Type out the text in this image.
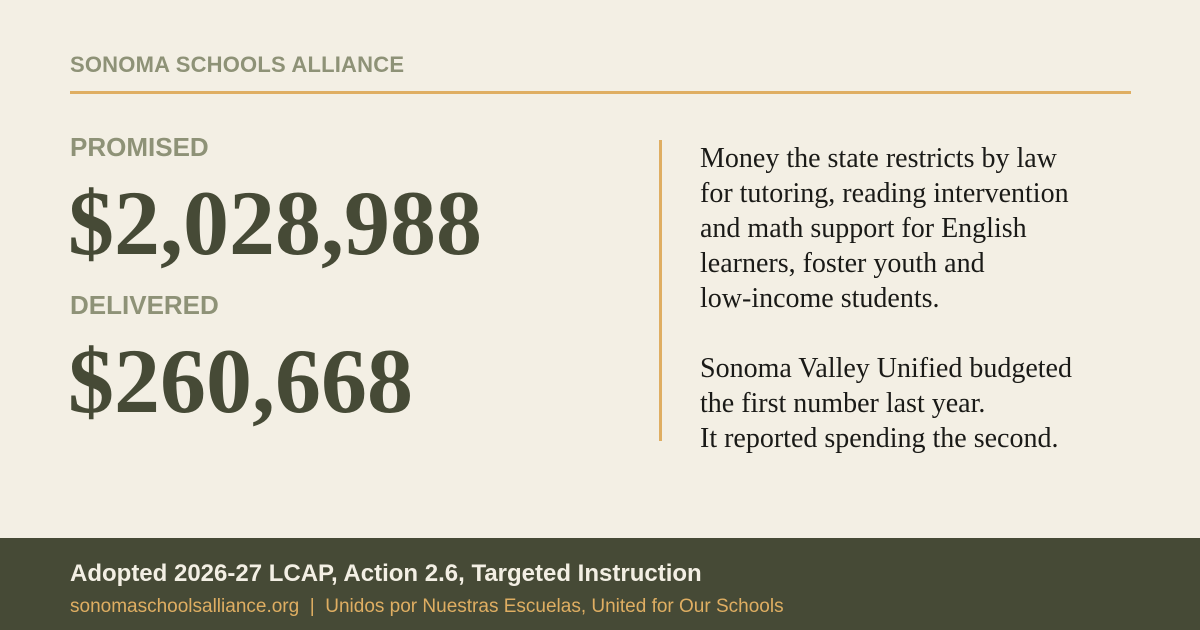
SONOMA SCHOOLS ALLIANCE
PROMISED
$2,028,988
DELIVERED
$260,668

Money the state restricts by law

for tutoring, reading intervention

and math support for English

learners, foster youth and

low-income students.

Sonoma Valley Unified budgeted

the first number last year.

It reported spending the second.

Adopted 2026-27 LCAP, Action 2.6, Targeted Instruction
sonomaschoolsalliance.org | Unidos por Nuestras Escuelas, United for Our Schools
